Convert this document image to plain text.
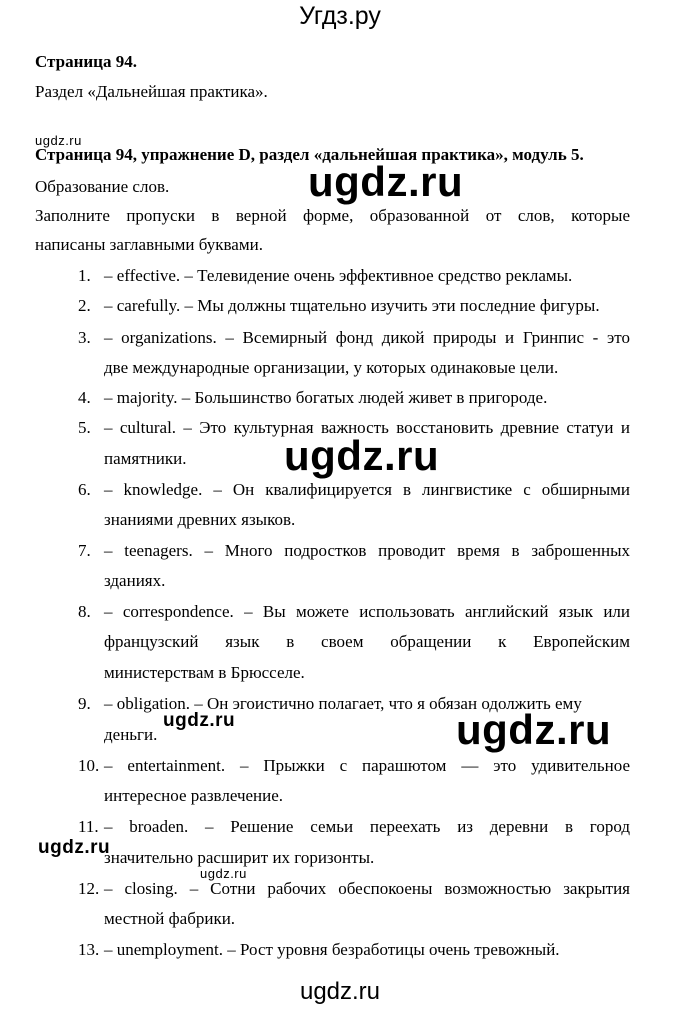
Угдз.ру
Страница 94.
Раздел «Дальнейшая практика».
ugdz.ru
Страница 94, упражнение D, раздел «дальнейшая практика», модуль 5.
Образование слов.
Заполните пропуски в верной форме, образованной от слов, которые
написаны заглавными буквами.
1. – effective. – Телевидение очень эффективное средство рекламы.
2. – carefully. – Мы должны тщательно изучить эти последние фигуры.
3. – organizations. – Всемирный фонд дикой природы и Гринпис - это
две международные организации, у которых одинаковые цели.
4. – majority. – Большинство богатых людей живет в пригороде.
5. – cultural. – Это культурная важность восстановить древние статуи и
памятники.
6. – knowledge. – Он квалифицируется в лингвистике с обширными
знаниями древних языков.
7. – teenagers. – Много подростков проводит время в заброшенных
зданиях.
8. – correspondence. – Вы можете использовать английский язык или
французский язык в своем обращении к Европейским
министерствам в Брюсселе.
9. – obligation. – Он эгоистично полагает, что я обязан одолжить ему
деньги.
10. – entertainment. – Прыжки с парашютом — это удивительное
интересное развлечение.
11. – broaden. – Решение семьи переехать из деревни в город
значительно расширит их горизонты.
12. – closing. – Сотни рабочих обеспокоены возможностью закрытия
местной фабрики.
13. – unemployment. – Рост уровня безработицы очень тревожный.
ugdz.ru
ugdz.ru
ugdz.ru
ugdz.ru
ugdz.ru
ugdz.ru
ugdz.ru
